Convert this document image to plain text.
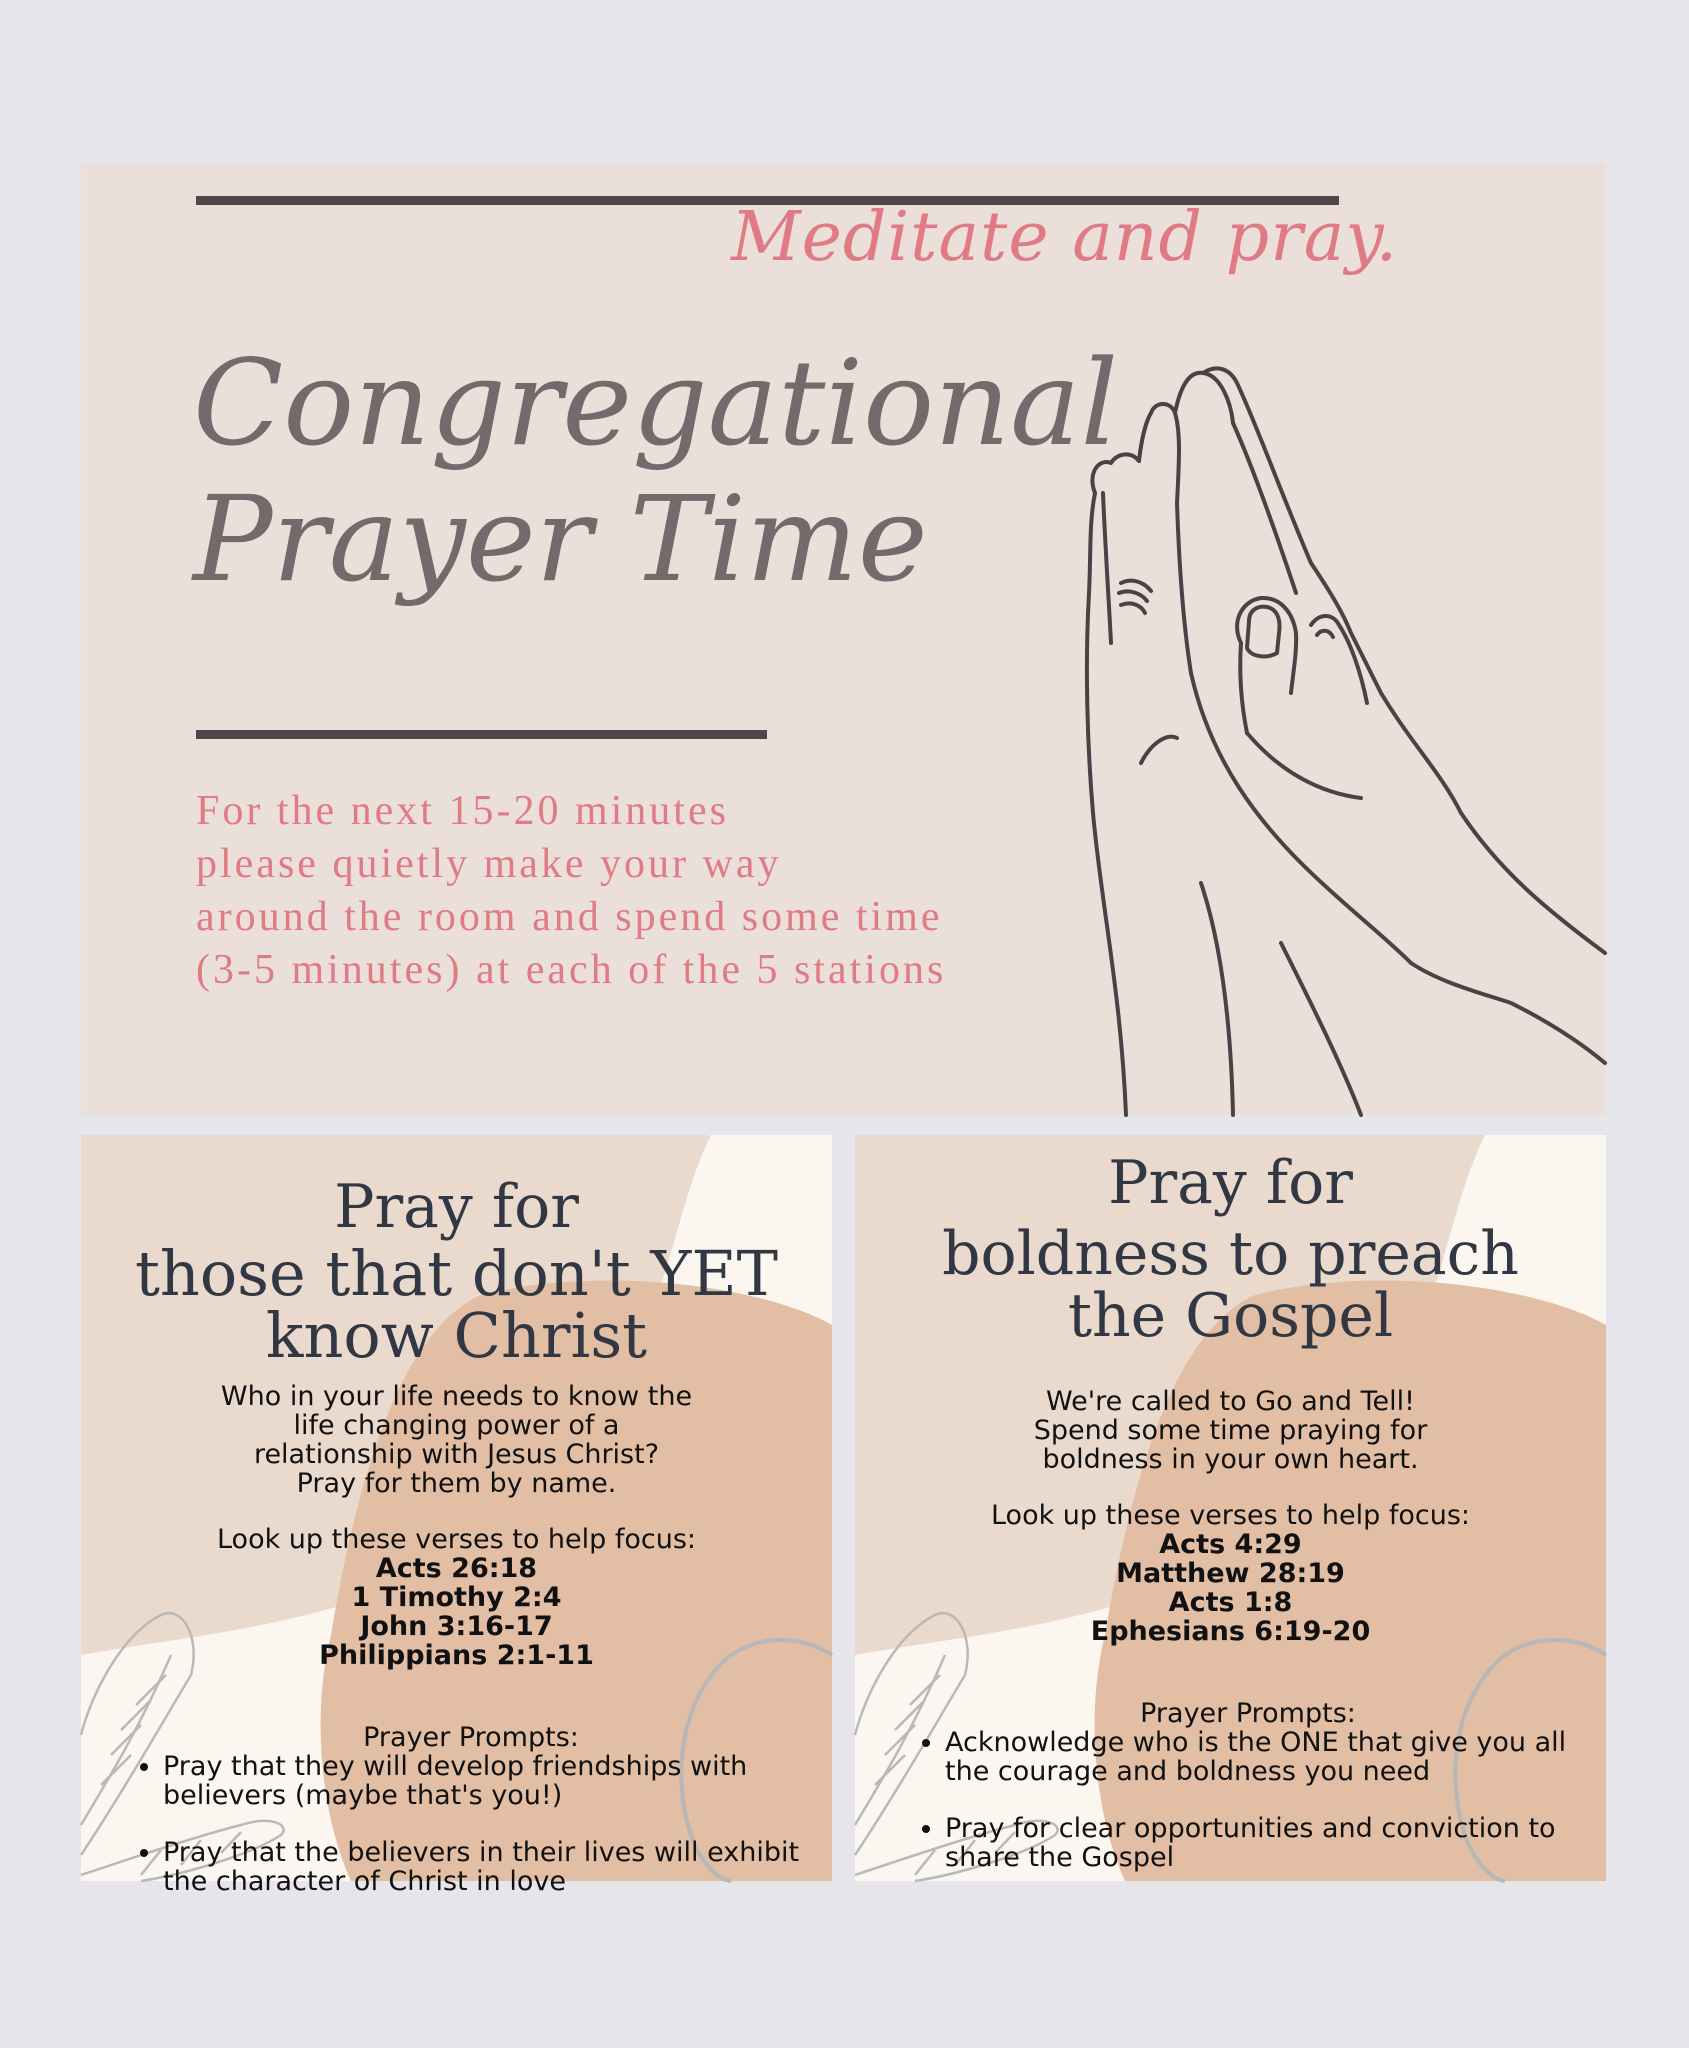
Meditate and pray.
Congregational
Prayer Time
For the next 15-20 minutes
please quietly make your way
around the room and spend some time
(3-5 minutes) at each of the 5 stations
Pray for
those that don't YET
know Christ
Who in your life needs to know the
life changing power of a
relationship with Jesus Christ?
Pray for them by name.
Look up these verses to help focus:
Acts 26:18
1 Timothy 2:4
John 3:16-17
Philippians 2:1-11
Prayer Prompts:
• Pray that they will develop friendships with believers (maybe that's you!)
• Pray that the believers in their lives will exhibit the character of Christ in love
Pray for
boldness to preach
the Gospel
We're called to Go and Tell!
Spend some time praying for
boldness in your own heart.
Look up these verses to help focus:
Acts 4:29
Matthew 28:19
Acts 1:8
Ephesians 6:19-20
Prayer Prompts:
• Acknowledge who is the ONE that give you all the courage and boldness you need
• Pray for clear opportunities and conviction to share the Gospel
